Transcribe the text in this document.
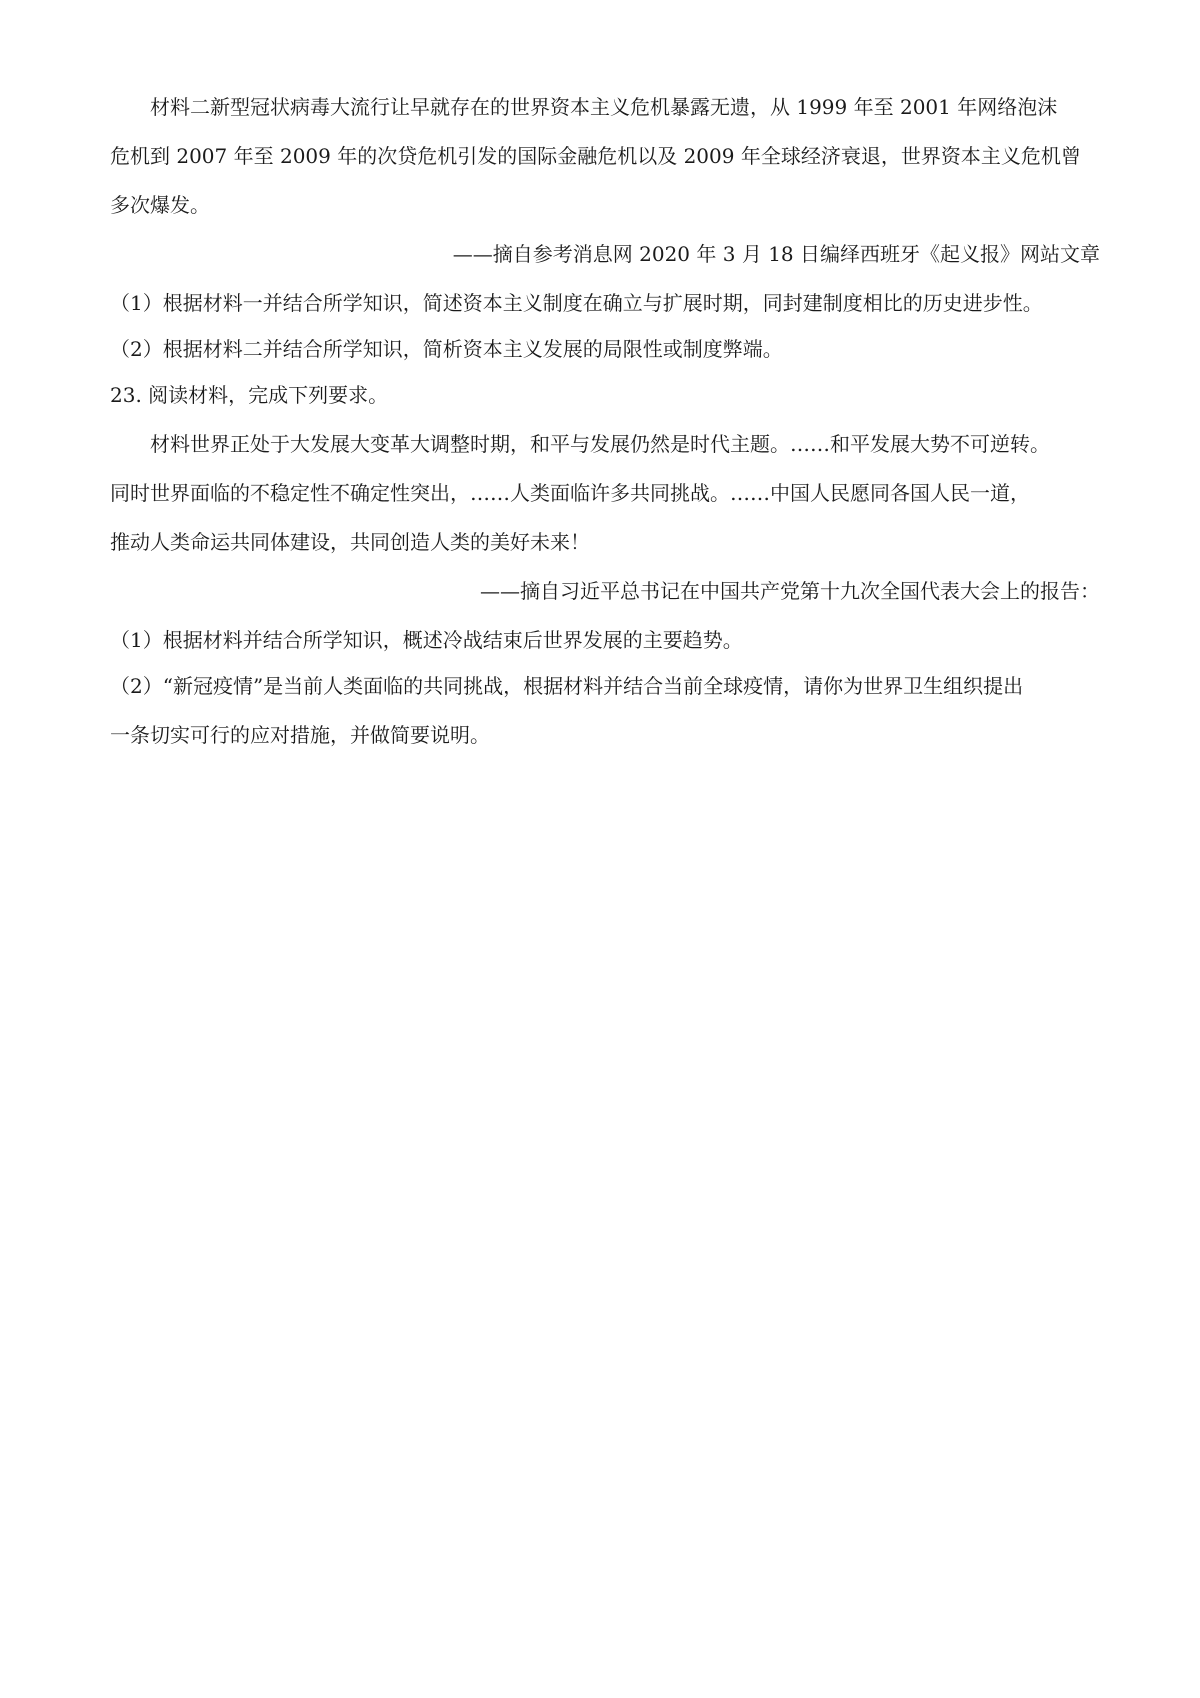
材料二新型冠状病毒大流行让早就存在的世界资本主义危机暴露无遗，从 1999 年至 2001 年网络泡沫

危机到 2007 年至 2009 年的次贷危机引发的国际金融危机以及 2009 年全球经济衰退，世界资本主义危机曾

多次爆发。

——摘自参考消息网 2020 年 3 月 18 日编绎西班牙《起义报》网站文章

（1）根据材料一并结合所学知识，简述资本主义制度在确立与扩展时期，同封建制度相比的历史进步性。

（2）根据材料二并结合所学知识，简析资本主义发展的局限性或制度弊端。

23. 阅读材料，完成下列要求。

材料世界正处于大发展大变革大调整时期，和平与发展仍然是时代主题。……和平发展大势不可逆转。

同时世界面临的不稳定性不确定性突出，……人类面临许多共同挑战。……中国人民愿同各国人民一道，

推动人类命运共同体建设，共同创造人类的美好未来！

——摘自习近平总书记在中国共产党第十九次全国代表大会上的报告：

（1）根据材料并结合所学知识，概述冷战结束后世界发展的主要趋势。

（2）“新冠疫情”是当前人类面临的共同挑战，根据材料并结合当前全球疫情，请你为世界卫生组织提出

一条切实可行的应对措施，并做简要说明。
